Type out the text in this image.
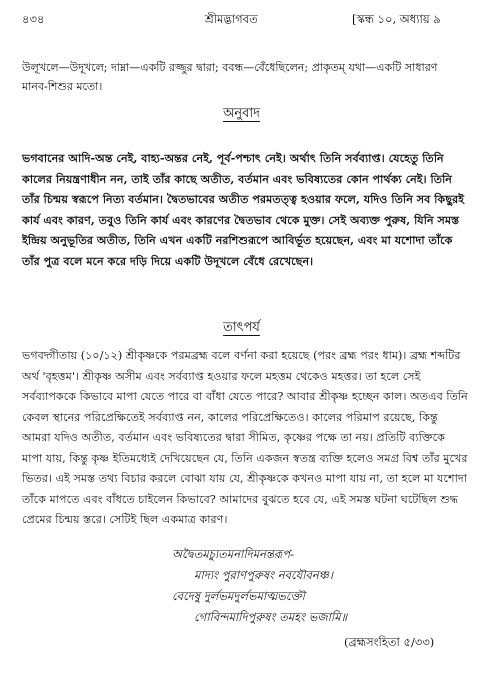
৪৩৪	শ্রীমদ্ভাগবত	[স্কন্ধ ১০, অধ্যায় ৯
উলূখলে—উদূখলে; দাম্না—একটি রজ্জুর দ্বারা; ববন্ধ—বেঁধেছিলেন; প্রাকৃতম্‌ যথা—একটি সাধারণ মানব-শিশুর মতো।
অনুবাদ
ভগবানের আদি-অন্ত নেই, বাহ্য-অন্তর নেই, পূর্ব-পশ্চাৎ নেই। অর্থাৎ তিনি সর্বব্যাপ্ত। যেহেতু তিনি কালের নিয়ন্ত্রণাধীন নন, তাই তাঁর কাছে অতীত, বর্তমান এবং ভবিষ্যতের কোন পার্থক্য নেই। তিনি তাঁর চিন্ময় স্বরূপে নিত্য বর্তমান। দ্বৈতভাবের অতীত পরমতত্ত্ব হওয়ার ফলে, যদিও তিনি সব কিছুরই কার্য এবং কারণ, তবুও তিনি কার্য এবং কারণের দ্বৈতভাব থেকে মুক্ত। সেই অব্যক্ত পুরুষ, যিনি সমস্ত ইন্দ্রিয় অনুভূতির অতীত, তিনি এখন একটি নরশিশুরূপে আবির্ভূত হয়েছেন, এবং মা যশোদা তাঁকে তাঁর পুত্র বলে মনে করে দড়ি দিয়ে একটি উদূখলে বেঁধে রেখেছেন।
তাৎপর্য
ভগবদ্গীতায় (১০/১২) শ্রীকৃষ্ণকে পরমব্রহ্ম বলে বর্ণনা করা হয়েছে (পরং ব্রহ্ম পরং ধাম)। ব্রহ্ম শব্দটির অর্থ 'বৃহত্তম'। শ্রীকৃষ্ণ অসীম এবং সর্বব্যাপ্ত হওয়ার ফলে মহত্তম থেকেও মহত্তর। তা হলে সেই সর্বব্যাপককে কিভাবে মাপা যেতে পারে বা বাঁধা যেতে পারে? আবার শ্রীকৃষ্ণ হচ্ছেন কাল। অতএব তিনি কেবল স্থানের পরিপ্রেক্ষিতেই সর্বব্যাপ্ত নন, কালের পরিপ্রেক্ষিতেও। কালের পরিমাপ রয়েছে, কিন্তু আমরা যদিও অতীত, বর্তমান এবং ভবিষ্যতের দ্বারা সীমিত, কৃষ্ণের পক্ষে তা নয়। প্রতিটি ব্যক্তিকে মাপা যায়, কিন্তু কৃষ্ণ ইতিমধ্যেই দেখিয়েছেন যে, তিনি একজন স্বতন্ত্র ব্যক্তি হলেও সমগ্র বিশ্ব তাঁর মুখের ভিতর। এই সমস্ত তথ্য বিচার করলে বোঝা যায় যে, শ্রীকৃষ্ণকে কখনও মাপা যায় না, তা হলে মা যশোদা তাঁকে মাপতে এবং বাঁধতে চাইলেন কিভাবে? আমাদের বুঝতে হবে যে, এই সমস্ত ঘটনা ঘটেছিল শুদ্ধ প্রেমের চিন্ময় স্তরে। সেটিই ছিল একমাত্র কারণ।
অদ্বৈতমচ্যুতমনাদিমনন্তরূপ-
মাদ্যং পুরাণপুরুষং নবযৌবনঞ্চ।
বেদেষু দুর্লভমদুর্লভমাত্মভক্তৌ
গোবিন্দমাদিপুরুষং তমহং ভজামি॥
(ব্রহ্মসংহিতা ৫/৩৩)
